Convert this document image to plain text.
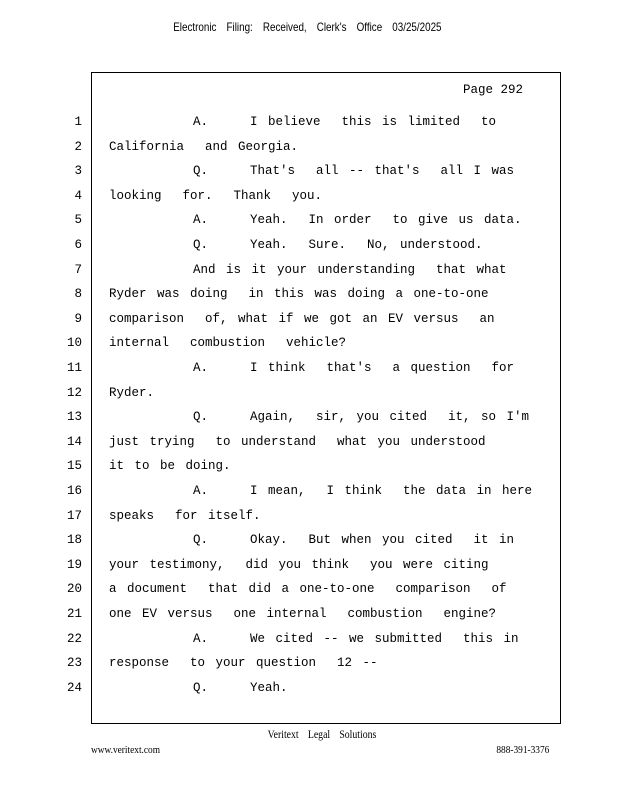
Electronic Filing: Received, Clerk's Office 03/25/2025
Page 292
1 A.    I believe  this is limited  to
2 California  and Georgia.
3 Q.    That's  all -- that's  all I was
4 looking  for.  Thank  you.
5 A.    Yeah.  In order  to give us data.
6 Q.    Yeah.  Sure.  No, understood.
7 And is it your understanding  that what
8 Ryder was doing  in this was doing a one-to-one
9 comparison  of, what if we got an EV versus  an
10 internal  combustion  vehicle?
11 A.    I think  that's  a question  for
12 Ryder.
13 Q.    Again,  sir, you cited  it, so I'm
14 just trying  to understand  what you understood
15 it to be doing.
16 A.    I mean,  I think  the data in here
17 speaks  for itself.
18 Q.    Okay.  But when you cited  it in
19 your testimony,  did you think  you were citing
20 a document  that did a one-to-one  comparison  of
21 one EV versus  one internal  combustion  engine?
22 A.    We cited -- we submitted  this in
23 response  to your question  12 --
24 Q.    Yeah.
Veritext Legal Solutions
www.veritext.com	888-391-3376
